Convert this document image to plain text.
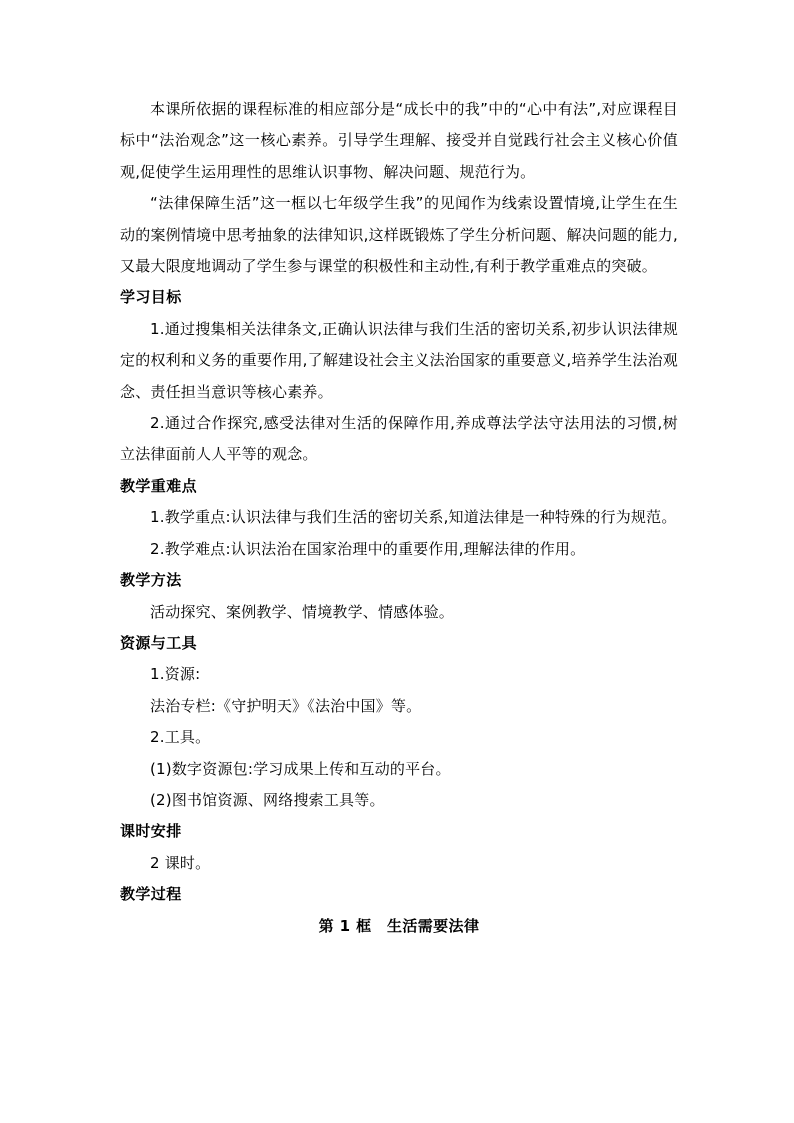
本课所依据的课程标准的相应部分是“成长中的我”中的“心中有法”,对应课程目标中“法治观念”这一核心素养。引导学生理解、接受并自觉践行社会主义核心价值观,促使学生运用理性的思维认识事物、解决问题、规范行为。

“法律保障生活”这一框以七年级学生我”的见闻作为线索设置情境,让学生在生动的案例情境中思考抽象的法律知识,这样既锻炼了学生分析问题、解决问题的能力,又最大限度地调动了学生参与课堂的积极性和主动性,有利于教学重难点的突破。

学习目标

1.通过搜集相关法律条文,正确认识法律与我们生活的密切关系,初步认识法律规定的权利和义务的重要作用,了解建设社会主义法治国家的重要意义,培养学生法治观念、责任担当意识等核心素养。

2.通过合作探究,感受法律对生活的保障作用,养成尊法学法守法用法的习惯,树立法律面前人人平等的观念。

教学重难点

1.教学重点:认识法律与我们生活的密切关系,知道法律是一种特殊的行为规范。

2.教学难点:认识法治在国家治理中的重要作用,理解法律的作用。

教学方法

活动探究、案例教学、情境教学、情感体验。

资源与工具

1.资源:

法治专栏:《守护明天》《法治中国》等。

2.工具。

(1)数字资源包:学习成果上传和互动的平台。

(2)图书馆资源、网络搜索工具等。

课时安排

2 课时。

教学过程

第 1 框　生活需要法律
